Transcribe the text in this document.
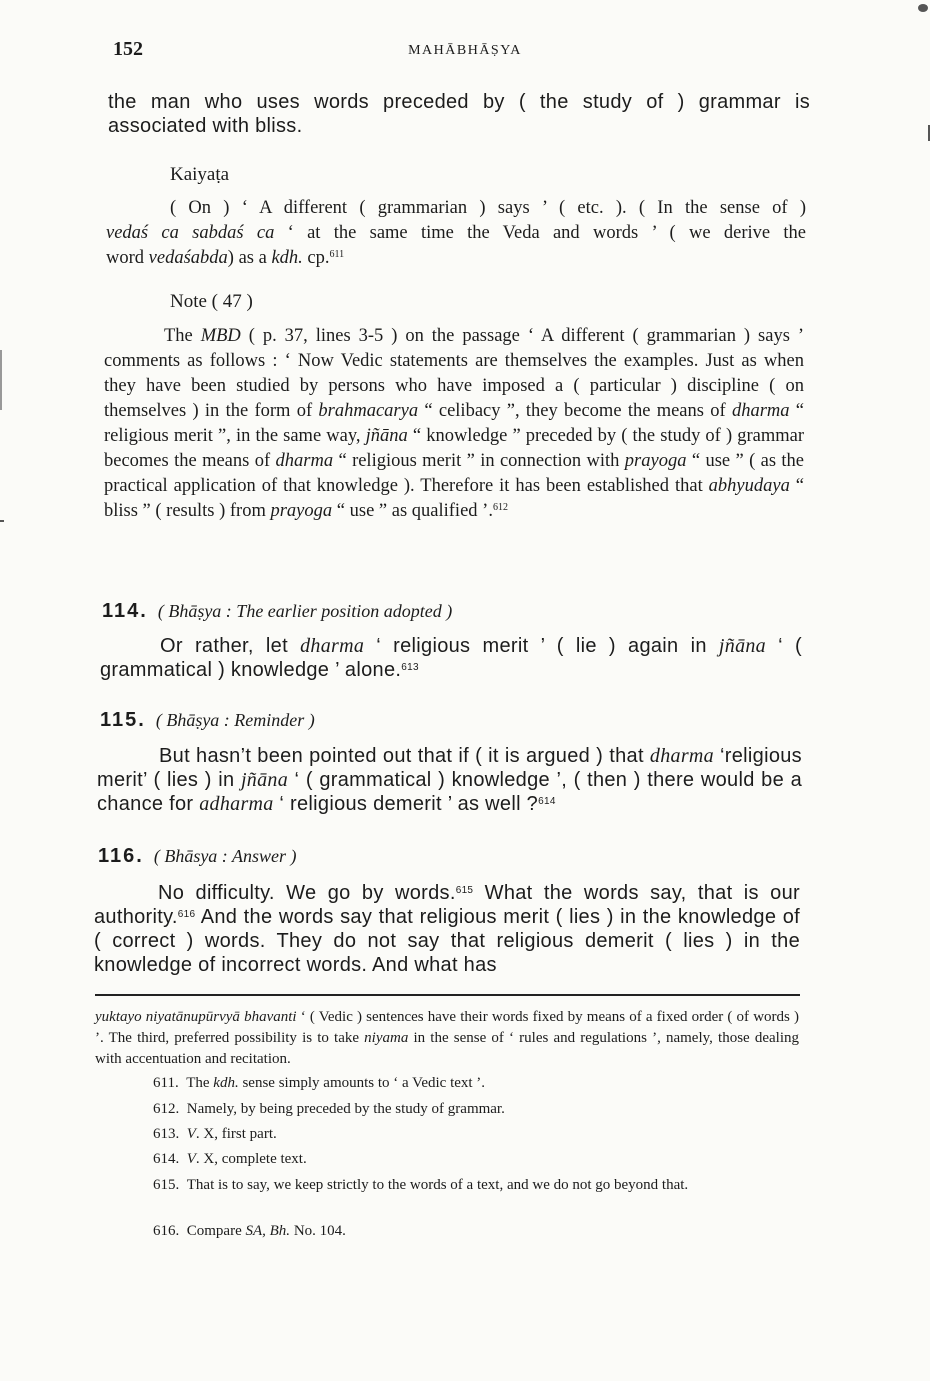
152	MAHĀBHĀṢYA
the man who uses words preceded by ( the study of ) grammar is
associated with bliss.
Kaiyaṭa
( On ) ‘ A different ( grammarian ) says ’ ( etc. ). ( In the sense of )
vedaś ca sabdaś ca ‘ at the same time the Veda and words ’ ( we derive the
word vedaśabda) as a kdh. cp.$^{611}$
Note ( 47 )
The MBD ( p. 37, lines 3-5 ) on the passage ‘ A different ( grammarian ) says ’ comments as follows : ‘ Now Vedic statements are themselves the examples. Just as when they have been studied by persons who have imposed a ( particular ) discipline ( on themselves ) in the form of brahmacarya “ celibacy ”, they become the means of dharma “ religious merit ”, in the same way, jñāna “ knowledge ” preceded by ( the study of ) grammar becomes the means of dharma “ religious merit ” in connection with prayoga “ use ” ( as the practical application of that knowledge ). Therefore it has been established that abhyudaya “ bliss ” ( results ) from prayoga “ use ” as qualified ’.$^{612}$
114. ( Bhāṣya : The earlier position adopted )
Or rather, let dharma ‘ religious merit ’ ( lie ) again in jñāna ‘ ( grammatical ) knowledge ’ alone.$^{613}$
115. ( Bhāṣya : Reminder )
But hasn’t been pointed out that if ( it is argued ) that dharma ‘religious merit’ ( lies ) in jñāna ‘ ( grammatical ) knowledge ’, ( then ) there would be a chance for adharma ‘ religious demerit ’ as well ?$^{614}$
116. ( Bhāsya : Answer )
No difficulty. We go by words.$^{615}$ What the words say, that is our authority.$^{616}$ And the words say that religious merit ( lies ) in the knowledge of ( correct ) words. They do not say that religious demerit ( lies ) in the knowledge of incorrect words. And what has
yuktayo niyatānupūrvyā bhavanti ‘ ( Vedic ) sentences have their words fixed by means of a fixed order ( of words ) ’. The third, preferred possibility is to take niyama in the sense of ‘ rules and regulations ’, namely, those dealing with accentuation and recitation.
611. The kdh. sense simply amounts to ‘ a Vedic text ’.
612. Namely, by being preceded by the study of grammar.
613. V. X, first part.
614. V. X, complete text.
615. That is to say, we keep strictly to the words of a text, and we do not go beyond that.
616. Compare SA, Bh. No. 104.
